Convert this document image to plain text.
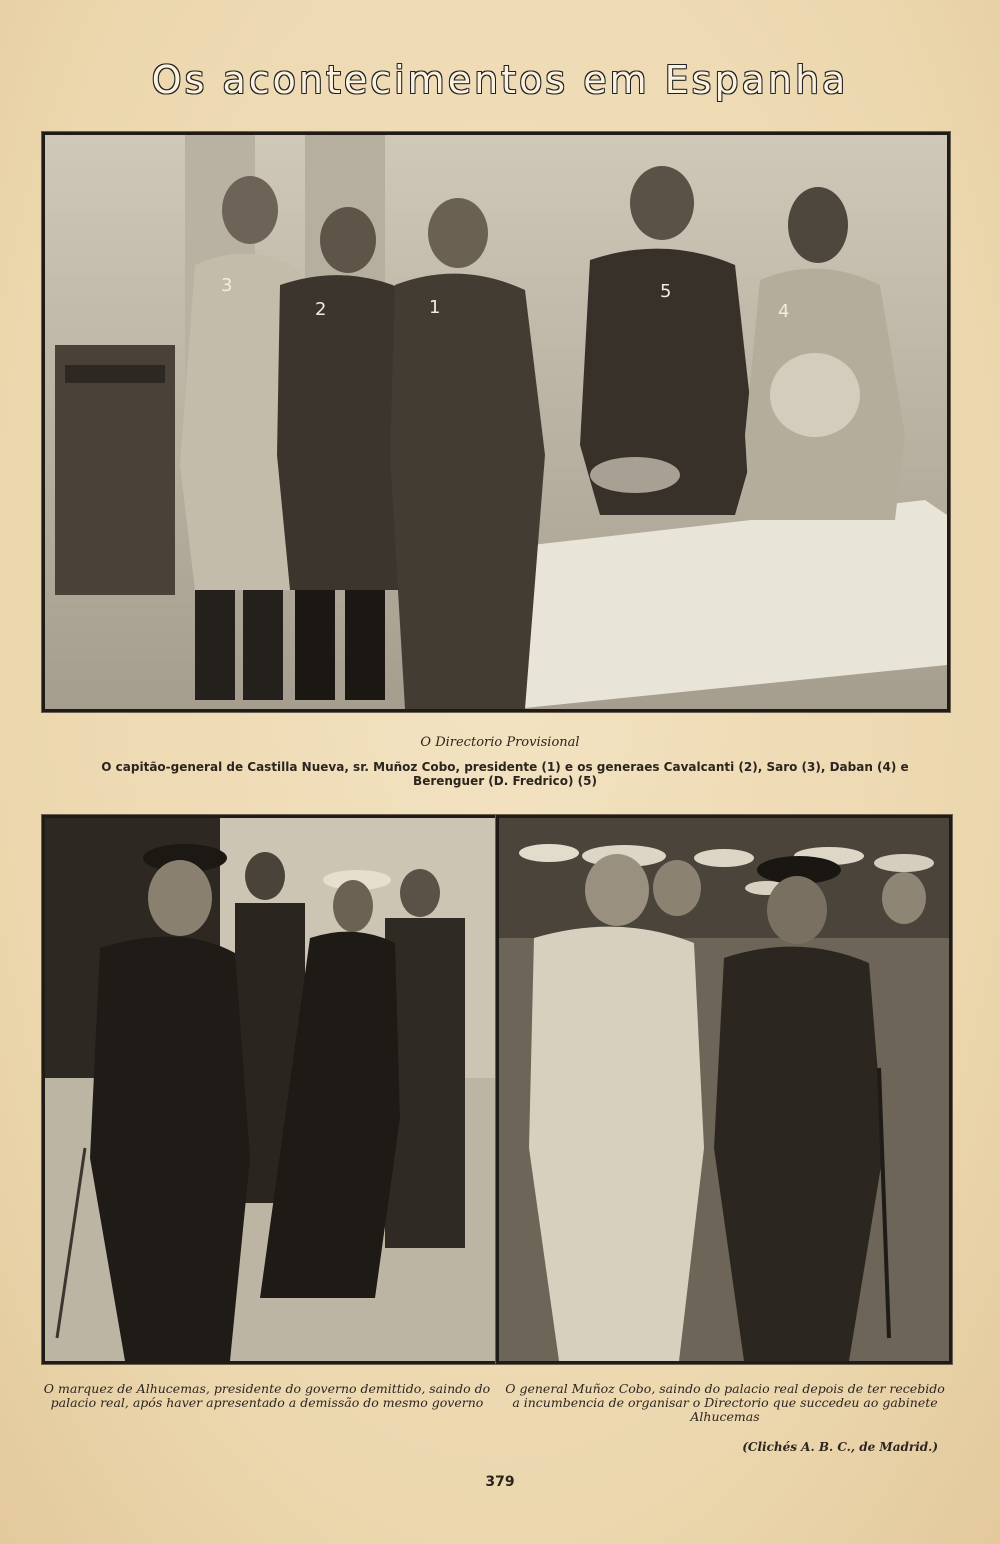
Os acontecimentos em Espanha
3
2	1
5
4
O Directorio Provisional
O capitão-general de Castilla Nueva, sr. Muñoz Cobo, presidente (1) e os generaes Cavalcanti (2), Saro (3), Daban (4) e Berenguer (D. Fredrico) (5)
O marquez de Alhucemas, presidente do governo demittido, saindo do palacio real, após haver apresentado a demissão do mesmo governo
O general Muñoz Cobo, saindo do palacio real depois de ter recebido a incumbencia de organisar o Directorio que succedeu ao gabinete Alhucemas
(Clichés A. B. C., de Madrid.)
379
